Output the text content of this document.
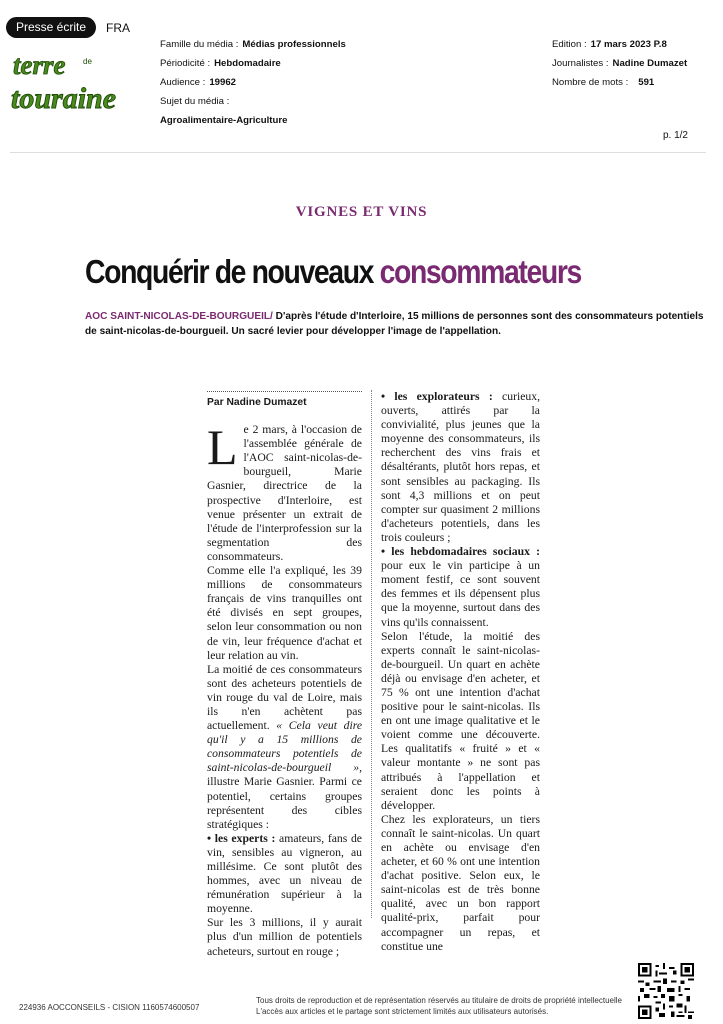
Presse écrite	FRA
terre de
touraine
Famille du média : Médias professionnels
Périodicité : Hebdomadaire
Audience : 19962
Sujet du média :
Agroalimentaire-Agriculture
Edition : 17 mars 2023 P.8
Journalistes : Nadine Dumazet
Nombre de mots : 591
p. 1/2
VIGNES ET VINS
Conquérir de nouveaux consommateurs
AOC SAINT-NICOLAS-DE-BOURGUEIL/ D'après l'étude d'Interloire, 15 millions de personnes sont des consommateurs potentiels de saint-nicolas-de-bourgueil. Un sacré levier pour développer l'image de l'appellation.
Par Nadine Dumazet

Le 2 mars, à l'occasion de l'assemblée générale de l'AOC saint-nicolas-de-bourgueil, Marie Gasnier, directrice de la prospective d'Interloire, est venue présenter un extrait de l'étude de l'interprofession sur la segmentation des consommateurs.

Comme elle l'a expliqué, les 39 millions de consommateurs français de vins tranquilles ont été divisés en sept groupes, selon leur consommation ou non de vin, leur fréquence d'achat et leur relation au vin.

La moitié de ces consommateurs sont des acheteurs potentiels de vin rouge du val de Loire, mais ils n'en achètent pas actuellement. « Cela veut dire qu'il y a 15 millions de consommateurs potentiels de saint-nicolas-de-bourgueil », illustre Marie Gasnier. Parmi ce potentiel, certains groupes représentent des cibles stratégiques :

• les experts : amateurs, fans de vin, sensibles au vigneron, au millésime. Ce sont plutôt des hommes, avec un niveau de rémunération supérieur à la moyenne.

Sur les 3 millions, il y aurait plus d'un million de potentiels acheteurs, surtout en rouge ;

• les explorateurs : curieux, ouverts, attirés par la convivialité, plus jeunes que la moyenne des consommateurs, ils recherchent des vins frais et désaltérants, plutôt hors repas, et sont sensibles au packaging. Ils sont 4,3 millions et on peut compter sur quasiment 2 millions d'acheteurs potentiels, dans les trois couleurs ;

• les hebdomadaires sociaux : pour eux le vin participe à un moment festif, ce sont souvent des femmes et ils dépensent plus que la moyenne, surtout dans des vins qu'ils connaissent.

Selon l'étude, la moitié des experts connaît le saint-nicolas-de-bourgueil. Un quart en achète déjà ou envisage d'en acheter, et 75 % ont une intention d'achat positive pour le saint-nicolas. Ils en ont une image qualitative et le voient comme une découverte. Les qualitatifs « fruité » et « valeur montante » ne sont pas attribués à l'appellation et seraient donc les points à développer.

Chez les explorateurs, un tiers connaît le saint-nicolas. Un quart en achète ou envisage d'en acheter, et 60 % ont une intention d'achat positive. Selon eux, le saint-nicolas est de très bonne qualité, avec un bon rapport qualité-prix, parfait pour accompagner un repas, et constitue une

224936 AOCCONSEILS - CISION 1160574600507
Tous droits de reproduction et de représentation réservés au titulaire de droits de propriété intellectuelle
L'accès aux articles et le partage sont strictement limités aux utilisateurs autorisés.
